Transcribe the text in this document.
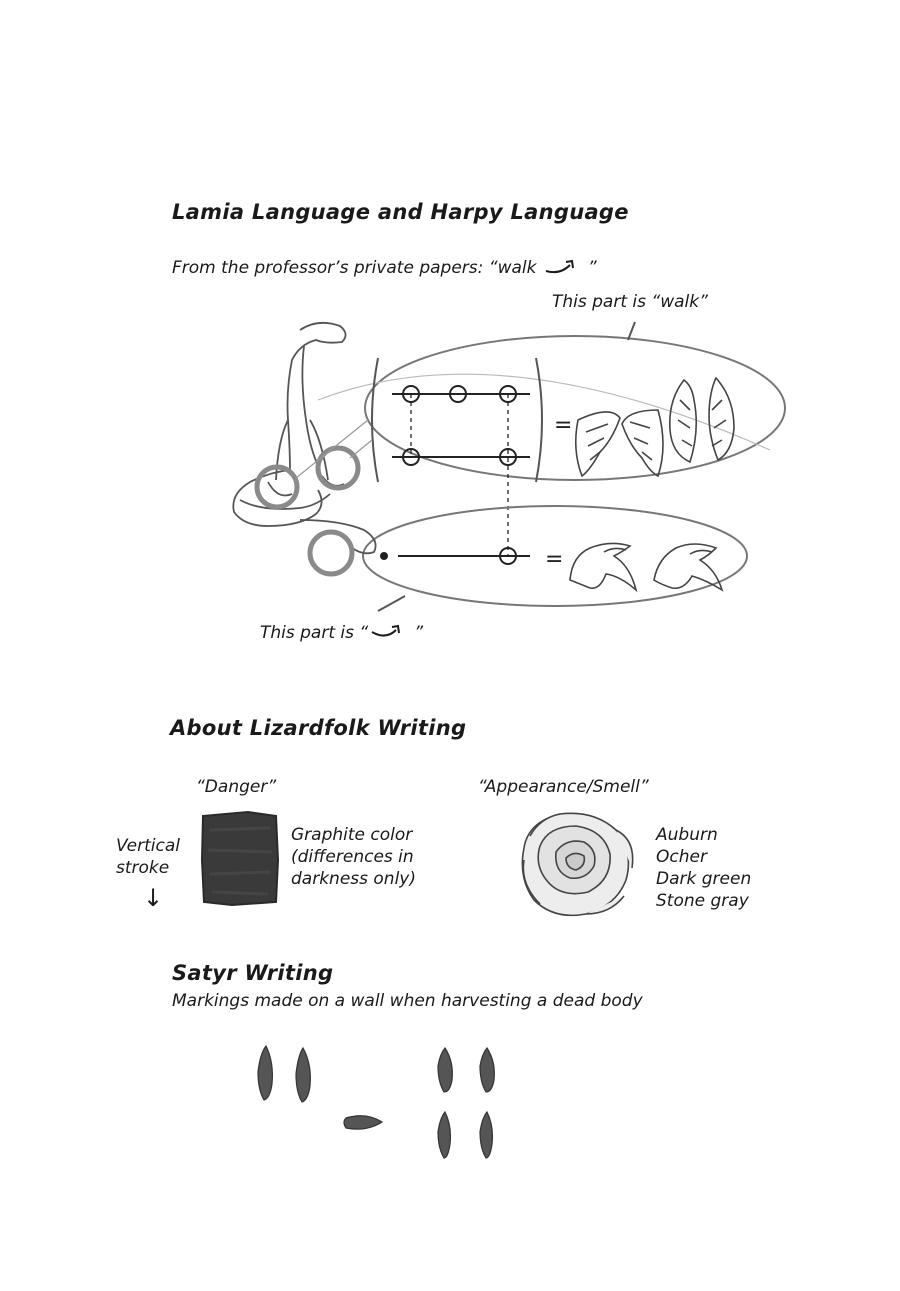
Lamia Language and Harpy Language
From the professor’s private papers: “walk	”
This part is “walk”
=
=
This part is “	”
About Lizardfolk Writing
“Danger”
Vertical
stroke
↓
Graphite color
(differences in
darkness only)
“Appearance/Smell”
Auburn
Ocher
Dark green
Stone gray
Satyr Writing
Markings made on a wall when harvesting a dead body
